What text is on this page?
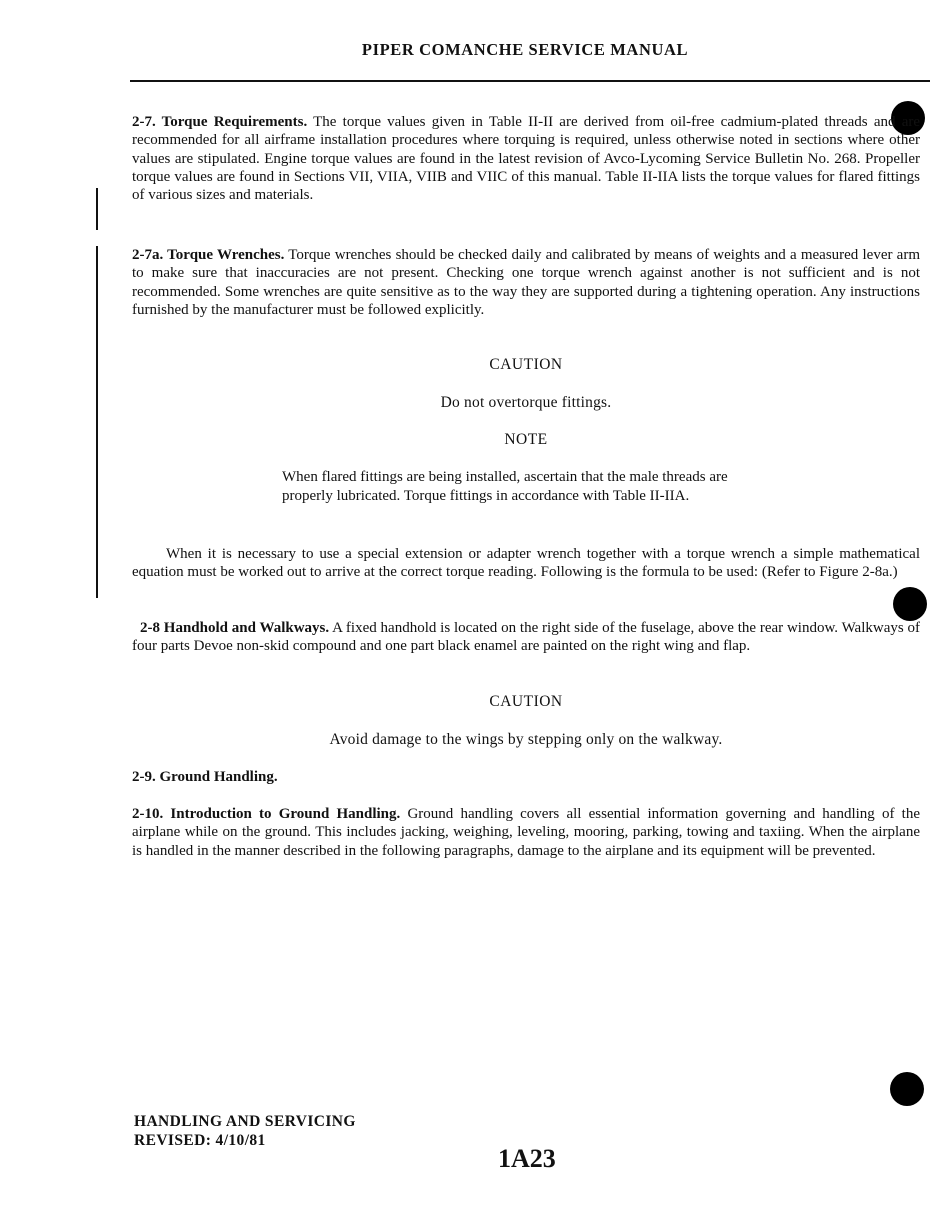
PIPER COMANCHE SERVICE MANUAL

2-7. Torque Requirements. The torque values given in Table II-II are derived from oil-free cadmium-plated threads and are recommended for all airframe installation procedures where torquing is required, unless otherwise noted in sections where other values are stipulated. Engine torque values are found in the latest revision of Avco-Lycoming Service Bulletin No. 268. Propeller torque values are found in Sections VII, VIIA, VIIB and VIIC of this manual. Table II-IIA lists the torque values for flared fittings of various sizes and materials.

2-7a. Torque Wrenches. Torque wrenches should be checked daily and calibrated by means of weights and a measured lever arm to make sure that inaccuracies are not present. Checking one torque wrench against another is not sufficient and is not recommended. Some wrenches are quite sensitive as to the way they are supported during a tightening operation. Any instructions furnished by the manufacturer must be followed explicitly.

CAUTION
Do not overtorque fittings.
NOTE
When flared fittings are being installed, ascertain that the male threads are properly lubricated. Torque fittings in accordance with Table II-IIA.

When it is necessary to use a special extension or adapter wrench together with a torque wrench a simple mathematical equation must be worked out to arrive at the correct torque reading. Following is the formula to be used: (Refer to Figure 2-8a.)

2-8 Handhold and Walkways. A fixed handhold is located on the right side of the fuselage, above the rear window. Walkways of four parts Devoe non-skid compound and one part black enamel are painted on the right wing and flap.

CAUTION
Avoid damage to the wings by stepping only on the walkway.

2-9. Ground Handling.

2-10. Introduction to Ground Handling. Ground handling covers all essential information governing and handling of the airplane while on the ground. This includes jacking, weighing, leveling, mooring, parking, towing and taxiing. When the airplane is handled in the manner described in the following paragraphs, damage to the airplane and its equipment will be prevented.

HANDLING AND SERVICING
REVISED: 4/10/81
1A23
